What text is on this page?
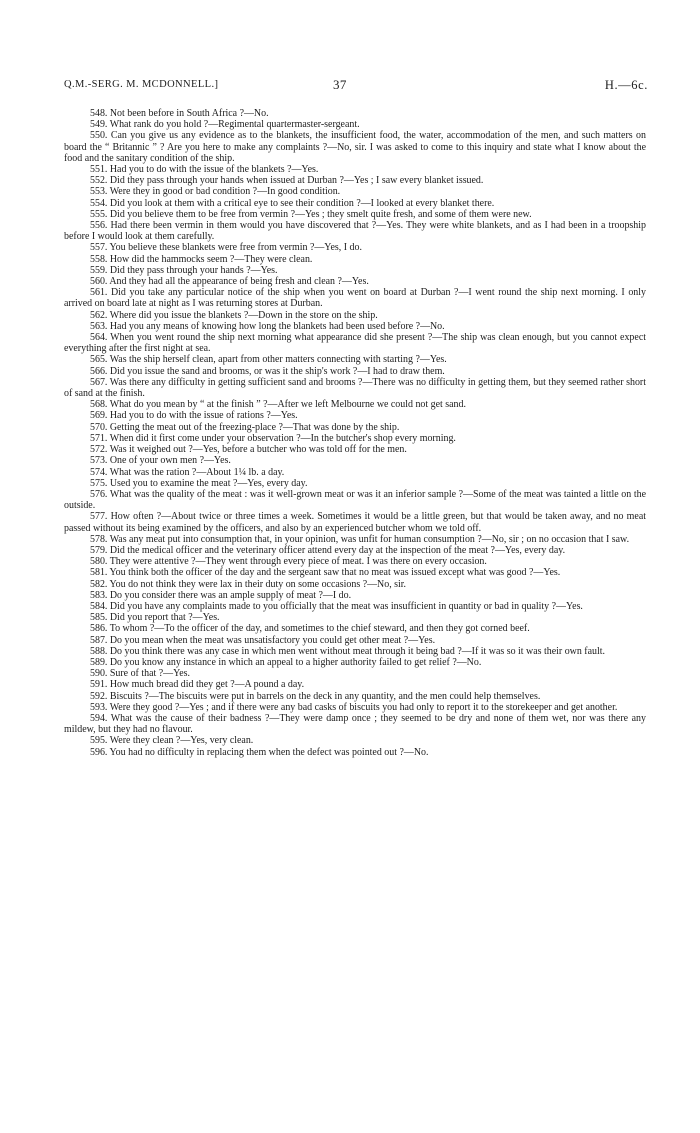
Q.M.-SERG. M. MCDONNELL.]	37	H.—6c.

548. Not been before in South Africa ?—No.

549. What rank do you hold ?—Regimental quartermaster-sergeant.

550. Can you give us any evidence as to the blankets, the insufficient food, the water, accommodation of the men, and such matters on board the “ Britannic ” ? Are you here to make any complaints ?—No, sir. I was asked to come to this inquiry and state what I know about the food and the sanitary condition of the ship.

551. Had you to do with the issue of the blankets ?—Yes.

552. Did they pass through your hands when issued at Durban ?—Yes ; I saw every blanket issued.

553. Were they in good or bad condition ?—In good condition.

554. Did you look at them with a critical eye to see their condition ?—I looked at every blanket there.

555. Did you believe them to be free from vermin ?—Yes ; they smelt quite fresh, and some of them were new.

556. Had there been vermin in them would you have discovered that ?—Yes. They were white blankets, and as I had been in a troopship before I would look at them carefully.

557. You believe these blankets were free from vermin ?—Yes, I do.

558. How did the hammocks seem ?—They were clean.

559. Did they pass through your hands ?—Yes.

560. And they had all the appearance of being fresh and clean ?—Yes.

561. Did you take any particular notice of the ship when you went on board at Durban ?—I went round the ship next morning. I only arrived on board late at night as I was returning stores at Durban.

562. Where did you issue the blankets ?—Down in the store on the ship.

563. Had you any means of knowing how long the blankets had been used before ?—No.

564. When you went round the ship next morning what appearance did she present ?—The ship was clean enough, but you cannot expect everything after the first night at sea.

565. Was the ship herself clean, apart from other matters connecting with starting ?—Yes.

566. Did you issue the sand and brooms, or was it the ship's work ?—I had to draw them.

567. Was there any difficulty in getting sufficient sand and brooms ?—There was no difficulty in getting them, but they seemed rather short of sand at the finish.

568. What do you mean by “ at the finish ” ?—After we left Melbourne we could not get sand.

569. Had you to do with the issue of rations ?—Yes.

570. Getting the meat out of the freezing-place ?—That was done by the ship.

571. When did it first come under your observation ?—In the butcher's shop every morning.

572. Was it weighed out ?—Yes, before a butcher who was told off for the men.

573. One of your own men ?—Yes.

574. What was the ration ?—About 1¼ lb. a day.

575. Used you to examine the meat ?—Yes, every day.

576. What was the quality of the meat : was it well-grown meat or was it an inferior sample ?—Some of the meat was tainted a little on the outside.

577. How often ?—About twice or three times a week. Sometimes it would be a little green, but that would be taken away, and no meat passed without its being examined by the officers, and also by an experienced butcher whom we told off.

578. Was any meat put into consumption that, in your opinion, was unfit for human consumption ?—No, sir ; on no occasion that I saw.

579. Did the medical officer and the veterinary officer attend every day at the inspection of the meat ?—Yes, every day.

580. They were attentive ?—They went through every piece of meat. I was there on every occasion.

581. You think both the officer of the day and the sergeant saw that no meat was issued except what was good ?—Yes.

582. You do not think they were lax in their duty on some occasions ?—No, sir.

583. Do you consider there was an ample supply of meat ?—I do.

584. Did you have any complaints made to you officially that the meat was insufficient in quantity or bad in quality ?—Yes.

585. Did you report that ?—Yes.

586. To whom ?—To the officer of the day, and sometimes to the chief steward, and then they got corned beef.

587. Do you mean when the meat was unsatisfactory you could get other meat ?—Yes.

588. Do you think there was any case in which men went without meat through it being bad ?—If it was so it was their own fault.

589. Do you know any instance in which an appeal to a higher authority failed to get relief ?—No.

590. Sure of that ?—Yes.

591. How much bread did they get ?—A pound a day.

592. Biscuits ?—The biscuits were put in barrels on the deck in any quantity, and the men could help themselves.

593. Were they good ?—Yes ; and if there were any bad casks of biscuits you had only to report it to the storekeeper and get another.

594. What was the cause of their badness ?—They were damp once ; they seemed to be dry and none of them wet, nor was there any mildew, but they had no flavour.

595. Were they clean ?—Yes, very clean.

596. You had no difficulty in replacing them when the defect was pointed out ?—No.
